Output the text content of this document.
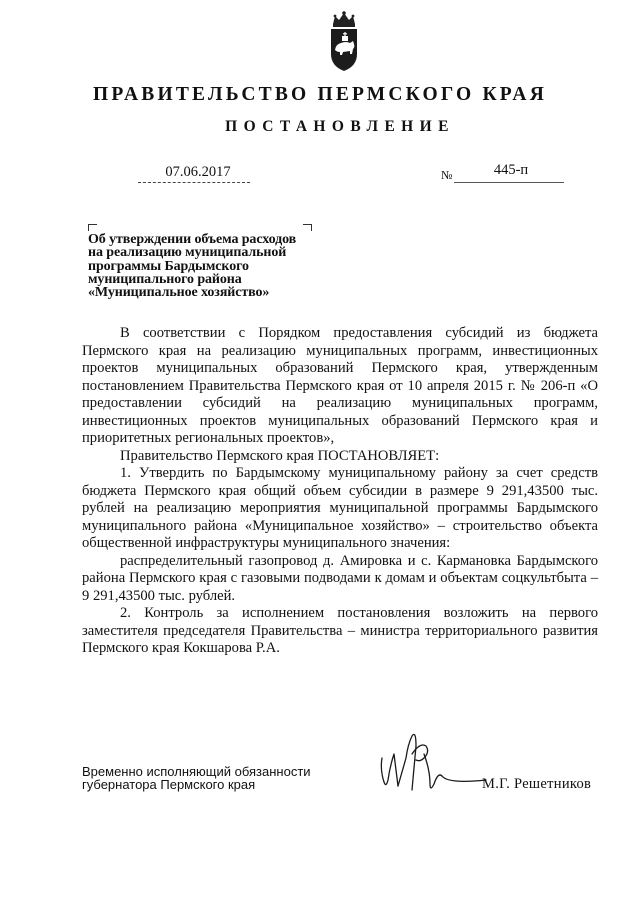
ПРАВИТЕЛЬСТВО ПЕРМСКОГО КРАЯ
ПОСТАНОВЛЕНИЕ
07.06.2017	№	445-п
Об утверждении объема расходов
на реализацию муниципальной
программы Бардымского
муниципального района
«Муниципальное хозяйство»

В соответствии с Порядком предоставления субсидий из бюджета Пермского края на реализацию муниципальных программ, инвестиционных проектов муниципальных образований Пермского края, утвержденным постановлением Правительства Пермского края от 10 апреля 2015 г. № 206-п «О предоставлении субсидий на реализацию муниципальных программ, инвестиционных проектов муниципальных образований Пермского края и приоритетных региональных проектов»,

Правительство Пермского края ПОСТАНОВЛЯЕТ:

1. Утвердить по Бардымскому муниципальному району за счет средств бюджета Пермского края общий объем субсидии в размере 9 291,43500 тыс. рублей на реализацию мероприятия муниципальной программы Бардымского муниципального района «Муниципальное хозяйство» – строительство объекта общественной инфраструктуры муниципального значения:

распределительный газопровод д. Амировка и с. Кармановка Бардымского района Пермского края с газовыми подводами к домам и объектам соцкультбыта – 9 291,43500 тыс. рублей.

2. Контроль за исполнением постановления возложить на первого заместителя председателя Правительства – министра территориального развития Пермского края Кокшарова Р.А.

Временно исполняющий обязанности
губернатора Пермского края	М.Г. Решетников
